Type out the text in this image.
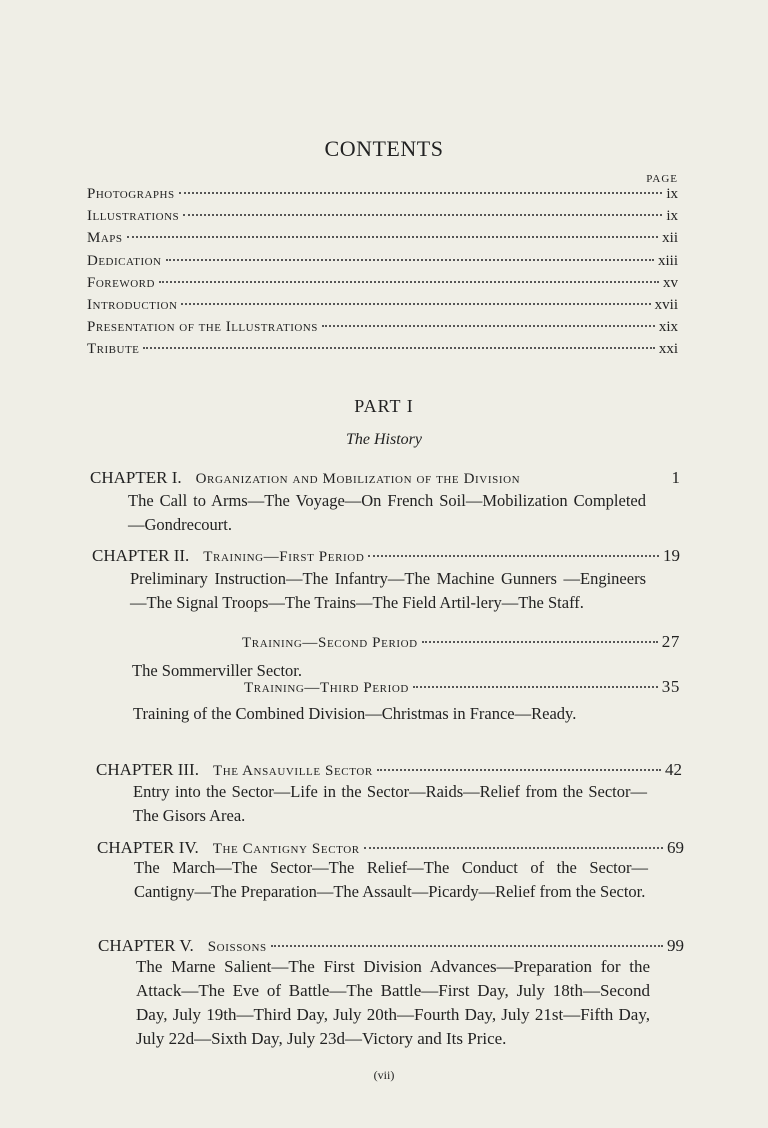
CONTENTS
PAGE
Photographs	ix
Illustrations	ix
Maps	xii
Dedication	xiii
Foreword	xv
Introduction	xvii
Presentation of the Illustrations	xix
Tribute	xxi
PART I
The History
CHAPTER I. Organization and Mobilization of the Division	1
The Call to Arms—The Voyage—On French Soil—Mobilization Completed—Gondrecourt.
CHAPTER II. Training—First Period	19
Preliminary Instruction—The Infantry—The Machine Gunners —Engineers—The Signal Troops—The Trains—The Field Artil-lery—The Staff.
Training—Second Period	27
The Sommerviller Sector.
Training—Third Period	35
Training of the Combined Division—Christmas in France—Ready.
CHAPTER III. The Ansauville Sector	42
Entry into the Sector—Life in the Sector—Raids—Relief from the Sector—The Gisors Area.
CHAPTER IV. The Cantigny Sector	69
The March—The Sector—The Relief—The Conduct of the Sector—Cantigny—The Preparation—The Assault—Picardy—Relief from the Sector.
CHAPTER V. Soissons	99
The Marne Salient—The First Division Advances—Preparation for the Attack—The Eve of Battle—The Battle—First Day, July 18th—Second Day, July 19th—Third Day, July 20th—Fourth Day, July 21st—Fifth Day, July 22d—Sixth Day, July 23d—Victory and Its Price.
(vii)
